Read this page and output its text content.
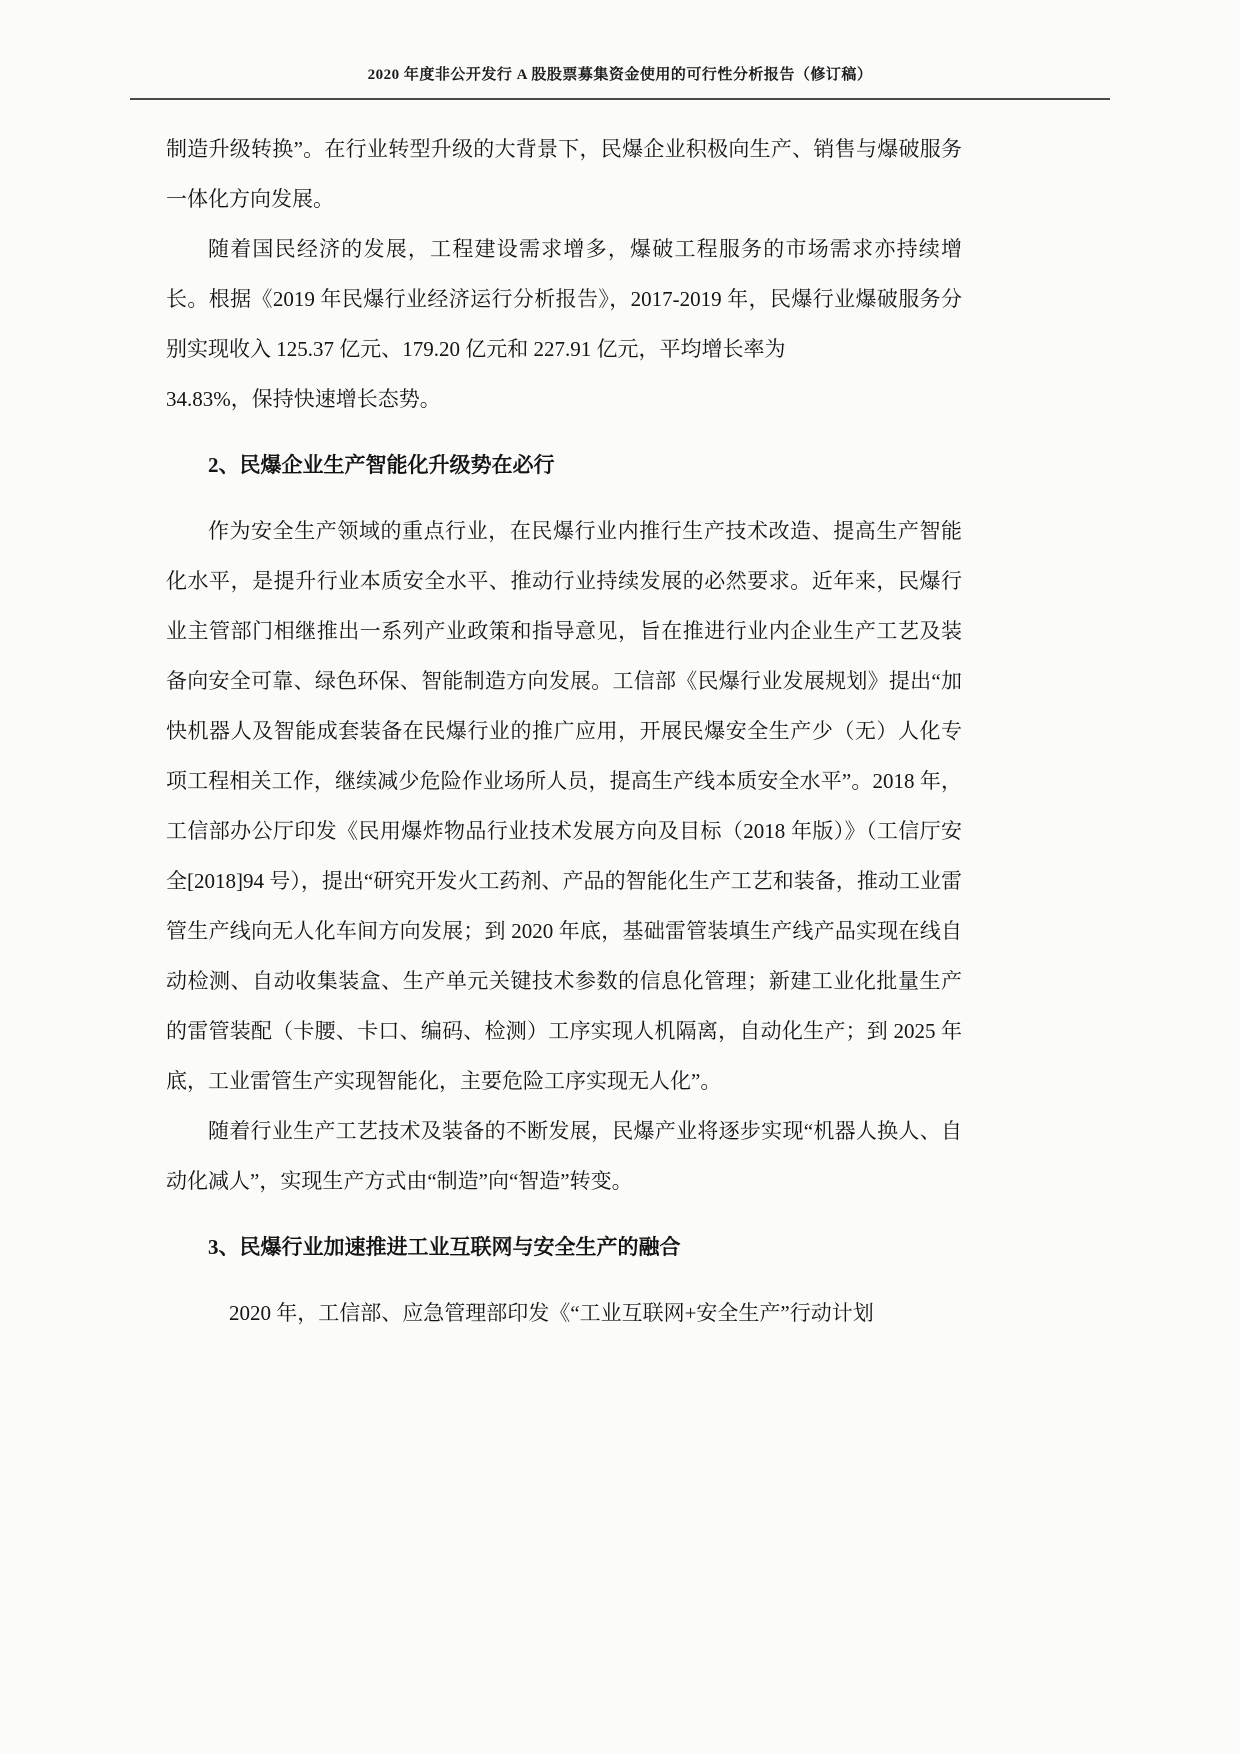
2020 年度非公开发行 A 股股票募集资金使用的可行性分析报告（修订稿）

制造升级转换”。在行业转型升级的大背景下，民爆企业积极向生产、销售与爆破服务一体化方向发展。

随着国民经济的发展，工程建设需求增多，爆破工程服务的市场需求亦持续增长。根据《2019 年民爆行业经济运行分析报告》，2017-2019 年，民爆行业爆破服务分别实现收入 125.37 亿元、179.20 亿元和 227.91 亿元，平均增长率为

34.83%，保持快速增长态势。

2、民爆企业生产智能化升级势在必行

作为安全生产领域的重点行业，在民爆行业内推行生产技术改造、提高生产智能化水平，是提升行业本质安全水平、推动行业持续发展的必然要求。近年来，民爆行业主管部门相继推出一系列产业政策和指导意见，旨在推进行业内企业生产工艺及装备向安全可靠、绿色环保、智能制造方向发展。工信部《民爆行业发展规划》提出“加快机器人及智能成套装备在民爆行业的推广应用，开展民爆安全生产少（无）人化专项工程相关工作，继续减少危险作业场所人员，提高生产线本质安全水平”。2018 年，工信部办公厅印发《民用爆炸物品行业技术发展方向及目标（2018 年版）》（工信厅安全[2018]94 号），提出“研究开发火工药剂、产品的智能化生产工艺和装备，推动工业雷管生产线向无人化车间方向发展；到 2020 年底，基础雷管装填生产线产品实现在线自动检测、自动收集装盒、生产单元关键技术参数的信息化管理；新建工业化批量生产的雷管装配（卡腰、卡口、编码、检测）工序实现人机隔离，自动化生产；到 2025 年底，工业雷管生产实现智能化，主要危险工序实现无人化”。

随着行业生产工艺技术及装备的不断发展，民爆产业将逐步实现“机器人换人、自动化减人”，实现生产方式由“制造”向“智造”转变。

3、民爆行业加速推进工业互联网与安全生产的融合

2020 年，工信部、应急管理部印发《“工业互联网+安全生产”行动计划
